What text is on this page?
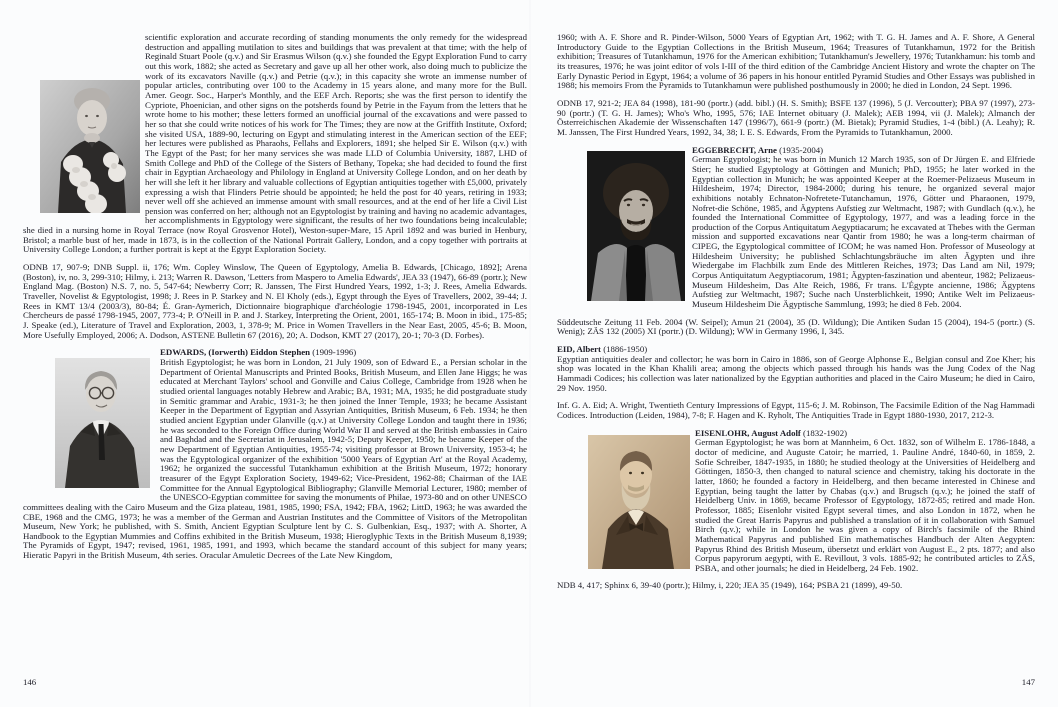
scientific exploration and accurate recording of standing monuments the only remedy for the widespread destruction and appalling mutilation to sites and buildings that was prevalent at that time; with the help of Reginald Stuart Poole (q.v.) and Sir Erasmus Wilson (q.v.) she founded the Egypt Exploration Fund to carry out this work, 1882; she acted as Secretary and gave up all her other work, also doing much to publicize the work of its excavators Naville (q.v.) and Petrie (q.v.); in this capacity she wrote an immense number of popular articles, contributing over 100 to the Academy in 15 years alone, and many more for the Bull. Amer. Geogr. Soc., Harper's Monthly, and the EEF Arch. Reports; she was the first person to identify the Cypriote, Phoenician, and other signs on the potsherds found by Petrie in the Fayum from the letters that he wrote home to his mother; these letters formed an unofficial journal of the excavations and were passed to her so that she could write notices of his work for The Times; they are now at the Griffith Institute, Oxford; she visited USA, 1889-90, lecturing on Egypt and stimulating interest in the American section of the EEF; her lectures were published as Pharaohs, Fellahs and Explorers, 1891; she helped Sir E. Wilson (q.v.) with The Egypt of the Past; for her many services she was made LLD of Columbia University, 1887, LHD of Smith College and PhD of the College of the Sisters of Bethany, Topeka; she had decided to found the first chair in Egyptian Archaeology and Philology in England at University College London, and on her death by her will she left it her library and valuable collections of Egyptian antiquities together with £5,000, privately expressing a wish that Flinders Petrie should be appointed; he held the post for 40 years, retiring in 1933; never well off she achieved an immense amount with small resources, and at the end of her life a Civil List pension was conferred on her; although not an Egyptologist by training and having no academic advantages, her accomplishments in Egyptology were significant, the results of her two foundations being incalculable; she died in a nursing home in Royal Terrace (now Royal Grosvenor Hotel), Weston-super-Mare, 15 April 1892 and was buried in Henbury, Bristol; a marble bust of her, made in 1873, is in the collection of the National Portrait Gallery, London, and a copy together with portraits at University College London; a further portrait is kept at the Egypt Exploration Society.

ODNB 17, 907-9; DNB Suppl. ii, 176; Wm. Copley Winslow, The Queen of Egyptology, Amelia B. Edwards, [Chicago, 1892]; Arena (Boston), iv, no. 3, 299-310; Hilmy, i. 213; Warren R. Dawson, 'Letters from Maspero to Amelia Edwards', JEA 33 (1947), 66-89 (portr.); New England Mag. (Boston) N.S. 7, no. 5, 547-64; Newberry Corr; R. Janssen, The First Hundred Years, 1992, 1-3; J. Rees, Amelia Edwards. Traveller, Novelist & Egyptologist, 1998; J. Rees in P. Starkey and N. El Kholy (eds.), Egypt through the Eyes of Travellers, 2002, 39-44; J. Rees in KMT 13/4 (2003/3), 80-84; É. Gran-Aymerich, Dictionnaire biographique d'archéologie 1798-1945, 2001, incorporated in Les Chercheurs de passé 1798-1945, 2007, 773-4; P. O'Neill in P. and J. Starkey, Interpreting the Orient, 2001, 165-174; B. Moon in ibid., 175-85; J. Speake (ed.), Literature of Travel and Exploration, 2003, 1, 378-9; M. Price in Women Travellers in the Near East, 2005, 45-6; B. Moon, More Usefully Employed, 2006; A. Dodson, ASTENE Bulletin 67 (2016), 20; A. Dodson, KMT 27 (2017), 20-1; 70-3 (D. Forbes).

EDWARDS, (Iorwerth) Eiddon Stephen (1909-1996)

British Egyptologist; he was born in London, 21 July 1909, son of Edward E., a Persian scholar in the Department of Oriental Manuscripts and Printed Books, British Museum, and Ellen Jane Higgs; he was educated at Merchant Taylors' school and Gonville and Caius College, Cambridge from 1928 when he studied oriental languages notably Hebrew and Arabic; BA, 1931; MA, 1935; he did postgraduate study in Semitic grammar and Arabic, 1931-3; he then joined the Inner Temple, 1933; he became Assistant Keeper in the Department of Egyptian and Assyrian Antiquities, British Museum, 6 Feb. 1934; he then studied ancient Egyptian under Glanville (q.v.) at University College London and taught there in 1936; he was seconded to the Foreign Office during World War II and served at the British embassies in Cairo and Baghdad and the Secretariat in Jerusalem, 1942-5; Deputy Keeper, 1950; he became Keeper of the new Department of Egyptian Antiquities, 1955-74; visiting professor at Brown University, 1953-4; he was the Egyptological organizer of the exhibition '5000 Years of Egyptian Art' at the Royal Academy, 1962; he organized the successful Tutankhamun exhibition at the British Museum, 1972; honorary treasurer of the Egypt Exploration Society, 1949-62; Vice-President, 1962-88; Chairman of the IAE Committee for the Annual Egyptological Bibliography; Glanville Memorial Lecturer, 1980; member of the UNESCO-Egyptian committee for saving the monuments of Philae, 1973-80 and on other UNESCO committees dealing with the Cairo Museum and the Giza plateau, 1981, 1985, 1990; FSA, 1942; FBA, 1962; LittD, 1963; he was awarded the CBE, 1968 and the CMG, 1973; he was a member of the German and Austrian Institutes and the Committee of Visitors of the Metropolitan Museum, New York; he published, with S. Smith, Ancient Egyptian Sculpture lent by C. S. Gulbenkian, Esq., 1937; with A. Shorter, A Handbook to the Egyptian Mummies and Coffins exhibited in the British Museum, 1938; Hieroglyphic Texts in the British Museum 8,1939; The Pyramids of Egypt, 1947; revised, 1961, 1985, 1991, and 1993, which became the standard account of this subject for many years; Hieratic Papyri in the British Museum, 4th series. Oracular Amuletic Decrees of the Late New Kingdom,

146

1960; with A. F. Shore and R. Pinder-Wilson, 5000 Years of Egyptian Art, 1962; with T. G. H. James and A. F. Shore, A General Introductory Guide to the Egyptian Collections in the British Museum, 1964; Treasures of Tutankhamun, 1972 for the British exhibition; Treasures of Tutankhamun, 1976 for the American exhibition; Tutankhamun's Jewellery, 1976; Tutankhamun: his tomb and its treasures, 1976; he was joint editor of vols I-III of the third edition of the Cambridge Ancient History and wrote the chapter on The Early Dynastic Period in Egypt, 1964; a volume of 36 papers in his honour entitled Pyramid Studies and Other Essays was published in 1988; his memoirs From the Pyramids to Tutankhamun were published posthumously in 2000; he died in London, 24 Sept. 1996.

ODNB 17, 921-2; JEA 84 (1998), 181-90 (portr.) (add. bibl.) (H. S. Smith); BSFE 137 (1996), 5 (J. Vercoutter); PBA 97 (1997), 273-90 (portr.) (T. G. H. James); Who's Who, 1995, 576; IAE Internet obituary (J. Malek); AEB 1994, vii (J. Malek); Almanch der Österreichischen Akademie der Wissenschaften 147 (1996/7), 661-9 (portr.) (M. Bietak); Pyramid Studies, 1-4 (bibl.) (A. Leahy); R. M. Janssen, The First Hundred Years, 1992, 34, 38; I. E. S. Edwards, From the Pyramids to Tutankhamun, 2000.

EGGEBRECHT, Arne (1935-2004)

German Egyptologist; he was born in Munich 12 March 1935, son of Dr Jürgen E. and Elfriede Stier; he studied Egyptology at Göttingen and Munich; PhD, 1955; he later worked in the Egyptian collection in Munich; he was appointed Keeper at the Roemer-Pelizaeus Museum in Hildesheim, 1974; Director, 1984-2000; during his tenure, he organized several major exhibitions notably Echnaton-Nofretete-Tutanchamun, 1976, Götter und Pharaonen, 1979, Nofret-die Schöne, 1985, and Ägyptens Aufstieg zur Weltmacht, 1987; with Gundlach (q.v.), he founded the International Committee of Egyptology, 1977, and was a leading force in the production of the Corpus Antiquitatum Aegyptiacarum; he excavated at Thebes with the German mission and supported excavations near Qantir from 1980; he was a long-term chairman of CIPEG, the Egyptological committee of ICOM; he was named Hon. Professor of Museology at Hildesheim University; he published Schlachtungsbräuche im alten Ägypten und ihre Wiedergabe im Flachbilk zum Ende des Mittleren Reiches, 1973; Das Land am Nil, 1979; Corpus Antiquitatum Aegyptiacorum, 1981; Ägypten-faszination und abenteur, 1982; Pelizaeus-Museum Hildesheim, Das Alte Reich, 1986, Fr trans. L'Égypte ancienne, 1986; Ägyptens Aufstieg zur Weltmacht, 1987; Suche nach Unsterblichkeit, 1990; Antike Welt im Pelizaeus-Museum Hildesheim Die Ägyptische Sammlung, 1993; he died 8 Feb. 2004.

Süddeutsche Zeitung 11 Feb. 2004 (W. Seipel); Amun 21 (2004), 35 (D. Wildung); Die Antiken Sudan 15 (2004), 194-5 (portr.) (S. Wenig); ZÄS 132 (2005) XI (portr.) (D. Wildung); WW in Germany 1996, I, 345.

EID, Albert (1886-1950)

Egyptian antiquities dealer and collector; he was born in Cairo in 1886, son of George Alphonse E., Belgian consul and Zoe Kher; his shop was located in the Khan Khalili area; among the objects which passed through his hands was the Jung Codex of the Nag Hammadi Codices; his collection was later nationalized by the Egyptian authorities and placed in the Cairo Museum; he died in Cairo, 29 Nov. 1950.

Inf. G. A. Eid; A. Wright, Twentieth Century Impressions of Egypt, 115-6; J. M. Robinson, The Facsimile Edition of the Nag Hammadi Codices. Introduction (Leiden, 1984), 7-8; F. Hagen and K. Ryholt, The Antiquities Trade in Egypt 1880-1930, 2017, 212-3.

EISENLOHR, August Adolf (1832-1902)

German Egyptologist; he was born at Mannheim, 6 Oct. 1832, son of Wilhelm E. 1786-1848, a doctor of medicine, and Auguste Catoir; he married, 1. Pauline André, 1840-60, in 1859, 2. Sofie Schreiber, 1847-1935, in 1880; he studied theology at the Universities of Heidelberg and Göttingen, 1850-3, then changed to natural science and chemistry, taking his doctorate in the latter, 1860; he founded a factory in Heidelberg, and then became interested in Chinese and Egyptian, being taught the latter by Chabas (q.v.) and Brugsch (q.v.); he joined the staff of Heidelberg Univ. in 1869, became Professor of Egyptology, 1872-85; retired and made Hon. Professor, 1885; Eisenlohr visited Egypt several times, and also London in 1872, when he studied the Great Harris Papyrus and published a translation of it in collaboration with Samuel Birch (q.v.); while in London he was given a copy of Birch's facsimile of the Rhind Mathematical Papyrus and published Ein mathematisches Handbuch der Alten Aegypten: Papyrus Rhind des British Museum, übersetzt und erklärt von August E., 2 pts. 1877; and also Corpus papyrorum aegypti, with E. Revillout, 3 vols. 1885-92; he contributed articles to ZÄS, PSBA, and other journals; he died in Heidelberg, 24 Feb. 1902.

NDB 4, 417; Sphinx 6, 39-40 (portr.); Hilmy, i, 220; JEA 35 (1949), 164; PSBA 21 (1899), 49-50.

147
